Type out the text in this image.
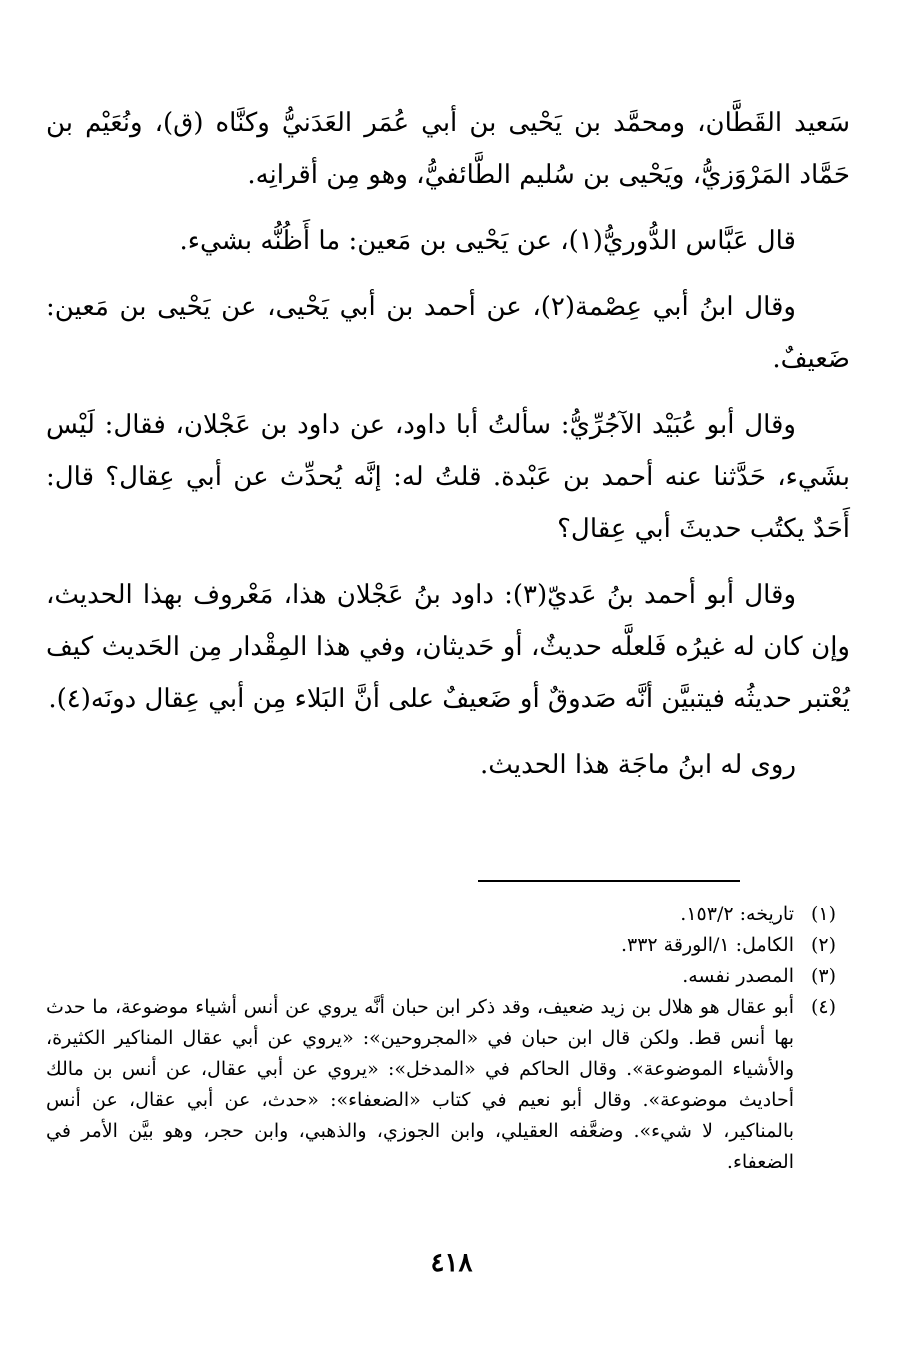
سَعيد القَطَّان، ومحمَّد بن يَحْيى بن أبي عُمَر العَدَنيُّ وكنَّاه (ق)، ونُعَيْم بن حَمَّاد المَرْوَزيُّ، ويَحْيى بن سُليم الطَّائفيُّ، وهو مِن أقرانِه.

قال عَبَّاس الدُّوريُّ(١)، عن يَحْيى بن مَعين: ما أَظُنُّه بشيء.

وقال ابنُ أبي عِصْمة(٢)، عن أحمد بن أبي يَحْيى، عن يَحْيى بن مَعين: ضَعيفٌ.

وقال أبو عُبَيْد الآجُرِّيُّ: سألتُ أبا داود، عن داود بن عَجْلان، فقال: لَيْس بشَيء، حَدَّثنا عنه أحمد بن عَبْدة. قلتُ له: إنَّه يُحدِّث عن أبي عِقال؟ قال: أَحَدٌ يكتُب حديثَ أبي عِقال؟

وقال أبو أحمد بنُ عَديّ(٣): داود بنُ عَجْلان هذا، مَعْروف بهذا الحديث، وإن كان له غيرُه فَلعلَّه حديثٌ، أو حَديثان، وفي هذا المِقْدار مِن الحَديث كيف يُعْتبر حديثُه فيتبيَّن أنَّه صَدوقٌ أو ضَعيفٌ على أنَّ البَلاء مِن أبي عِقال دونَه(٤).

روى له ابنُ ماجَة هذا الحديث.

(١)
تاريخه: ١٥٣/٢.
(٢)
الكامل: ١/الورقة ٣٣٢.
(٣)
المصدر نفسه.
(٤)
أبو عقال هو هلال بن زيد ضعيف، وقد ذكر ابن حبان أنَّه يروي عن أنس أشياء موضوعة، ما حدث بها أنس قط. ولكن قال ابن حبان في «المجروحين»: «يروي عن أبي عقال المناكير الكثيرة، والأشياء الموضوعة». وقال الحاكم في «المدخل»: «يروي عن أبي عقال، عن أنس بن مالك أحاديث موضوعة». وقال أبو نعيم في كتاب «الضعفاء»: «حدث، عن أبي عقال، عن أنس بالمناكير، لا شيء». وضعَّفه العقيلي، وابن الجوزي، والذهبي، وابن حجر، وهو بيَّن الأمر في الضعفاء.
٤١٨
